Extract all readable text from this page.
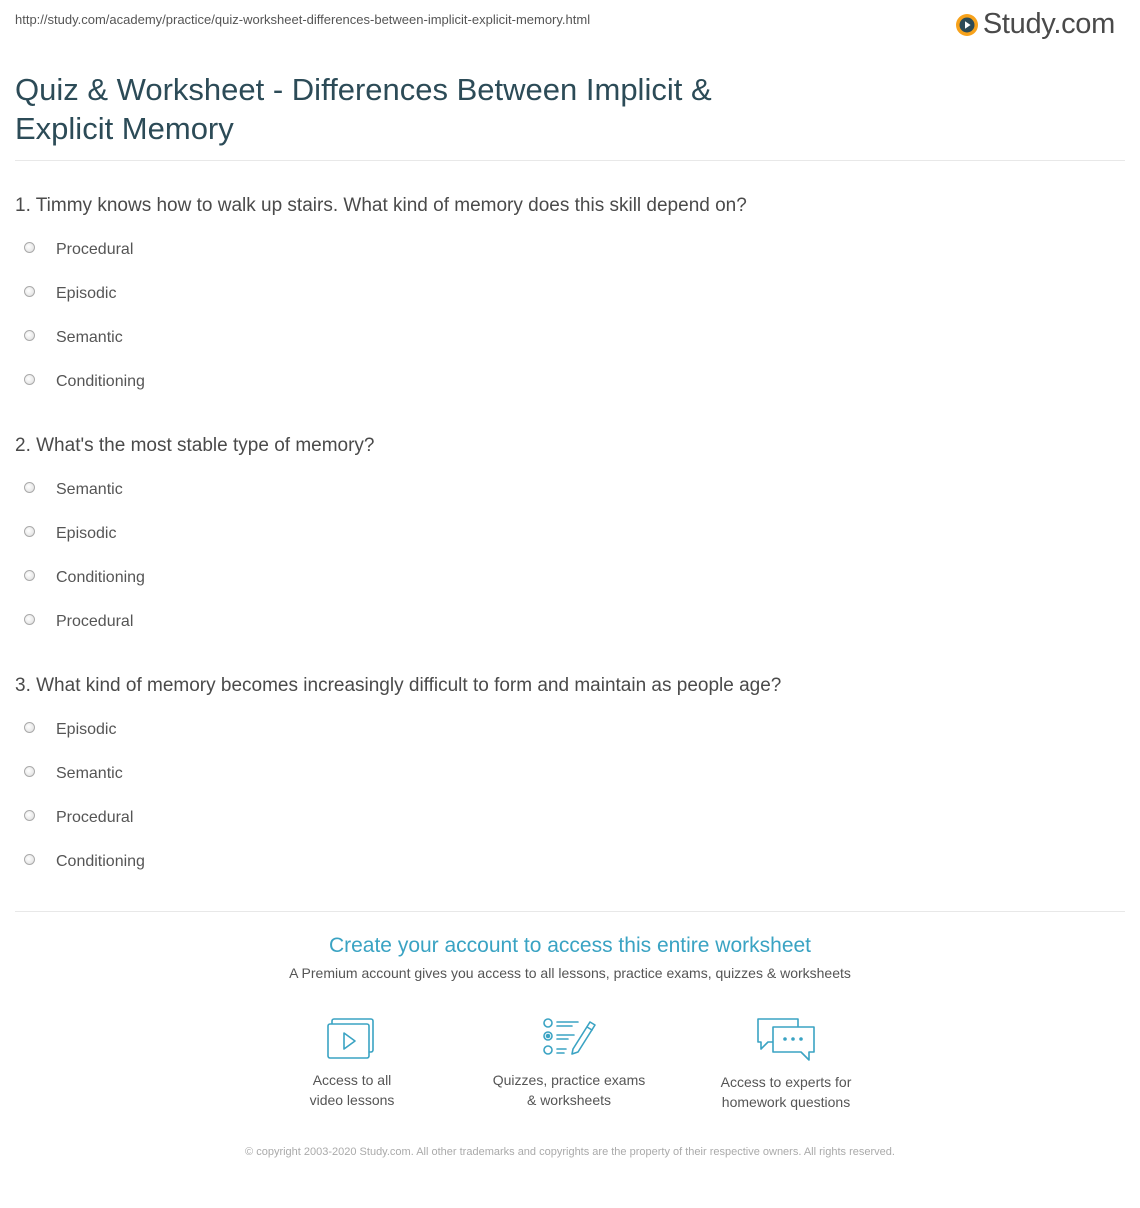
http://study.com/academy/practice/quiz-worksheet-differences-between-implicit-explicit-memory.html	Study.com
Quiz & Worksheet - Differences Between Implicit & Explicit Memory

1. Timmy knows how to walk up stairs. What kind of memory does this skill depend on?

Procedural
Episodic
Semantic
Conditioning

2. What's the most stable type of memory?

Semantic
Episodic
Conditioning
Procedural

3. What kind of memory becomes increasingly difficult to form and maintain as people age?

Episodic
Semantic
Procedural
Conditioning
Create your account to access this entire worksheet
A Premium account gives you access to all lessons, practice exams, quizzes & worksheets
Access to all
video lessons
Quizzes, practice exams
& worksheets
Access to experts for
homework questions
© copyright 2003-2020 Study.com. All other trademarks and copyrights are the property of their respective owners. All rights reserved.
